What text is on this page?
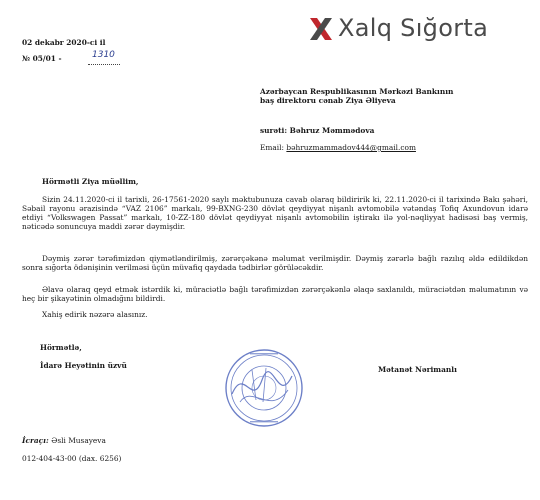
Xalq Sığorta
02 dekabr 2020-ci il
№ 05/01 -	1310
Azərbaycan Respublikasının Mərkəzi Bankının
baş direktoru cənab Ziya Əliyeva
surəti: Bəhruz Məmmədova
Email: bəhruzmammadov444@gmail.com
Hörmətli Ziya müəllim,
Sizin 24.11.2020-ci il tarixli, 26-17561-2020 saylı məktubunuza cavab olaraq bildiririk ki, 22.11.2020-ci il tarixində Bakı şəhəri, Səbail rayonu ərazisində “VAZ 2106” markalı, 99-BXNG-230 dövlət qeydiyyat nişanlı avtomobilə vətəndaş Tofiq Axundovun idarə etdiyi “Volkswagen Passat” markalı, 10-ZZ-180 dövlət qeydiyyat nişanlı avtomobilin iştirakı ilə yol-nəqliyyat hadisəsi baş vermiş, nəticədə sonuncuya maddi zərər dəymişdir.
Dəymiş zərər tərəfimizdən qiymətləndirilmiş, zərərçəkənə məlumat verilmişdir. Dəymiş zərərlə bağlı razılıq əldə edildikdən sonra sığorta ödənişinin verilməsi üçün müvafiq qaydada tədbirlər görüləcəkdir.
Əlavə olaraq qeyd etmək istərdik ki, müraciətlə bağlı tərəfimizdən zərərçəkənlə əlaqə saxlanıldı, müraciətdən məlumatının və heç bir şikayətinin olmadığını bildirdi.
Xahiş edirik nəzərə alasınız.
Hörmətlə,
İdarə Heyətinin üzvü	Mətanət Nərimanlı
İcraçı: Əsli Musayeva
012-404-43-00 (dax. 6256)
